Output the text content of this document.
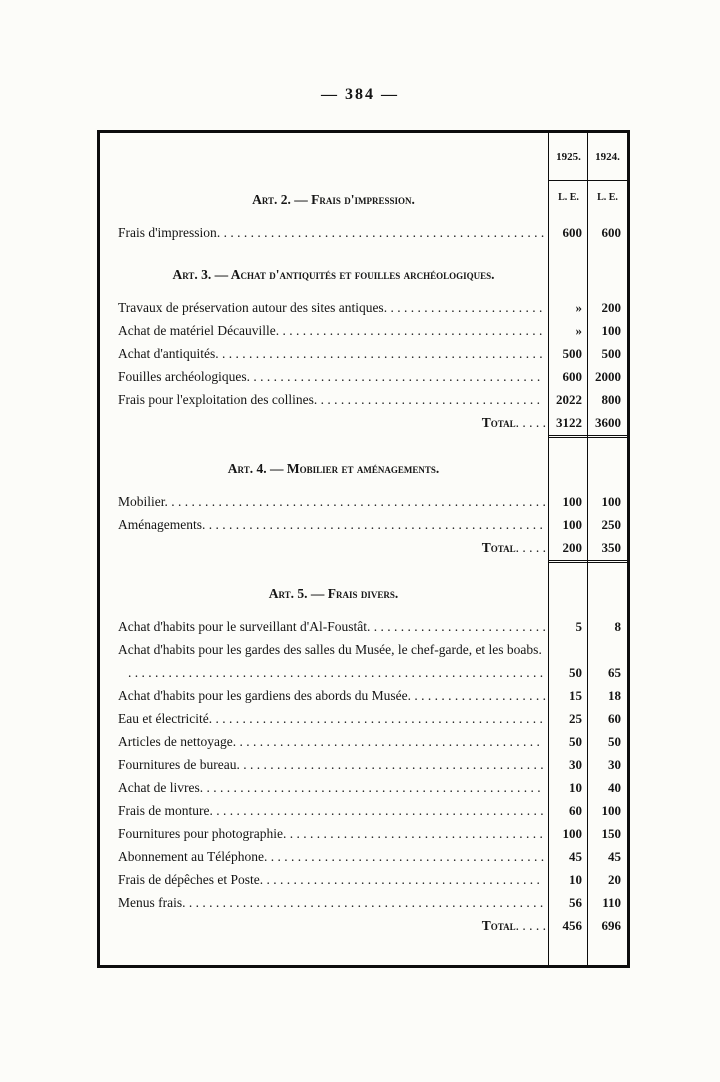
— 384 —
1925.	1924.
L. E.	L. E.
Art. 2. — Frais d'impression.
Frais d'impression . . .	600	600
Art. 3. — Achat d'antiquités et fouilles archéologiques.
Travaux de préservation autour des sites antiques . . .	»	200
Achat de matériel Décauville . . .	»	100
Achat d'antiquités . . .	500	500
Fouilles archéologiques . . .	600	2000
Frais pour l'exploitation des collines . . .	2022	800
Total . . .	3122	3600
Art. 4. — Mobilier et aménagements.
Mobilier . . .	100	100
Aménagements . . .	100	250
Total . . .	200	350
Art. 5. — Frais divers.
Achat d'habits pour le surveillant d'Al-Foustât . . .	5	8
Achat d'habits pour les gardes des salles du Musée, le chef-garde, et les boabs . . .
50	65
Achat d'habits pour les gardiens des abords du Musée . . .	15	18
Eau et électricité . . .	25	60
Articles de nettoyage . . .	50	50
Fournitures de bureau . . .	30	30
Achat de livres . . .	10	40
Frais de monture . . .	60	100
Fournitures pour photographie . . .	100	150
Abonnement au Téléphone . . .	45	45
Frais de dépêches et Poste . . .	10	20
Menus frais . . .	56	110
Total . . .	456	696
